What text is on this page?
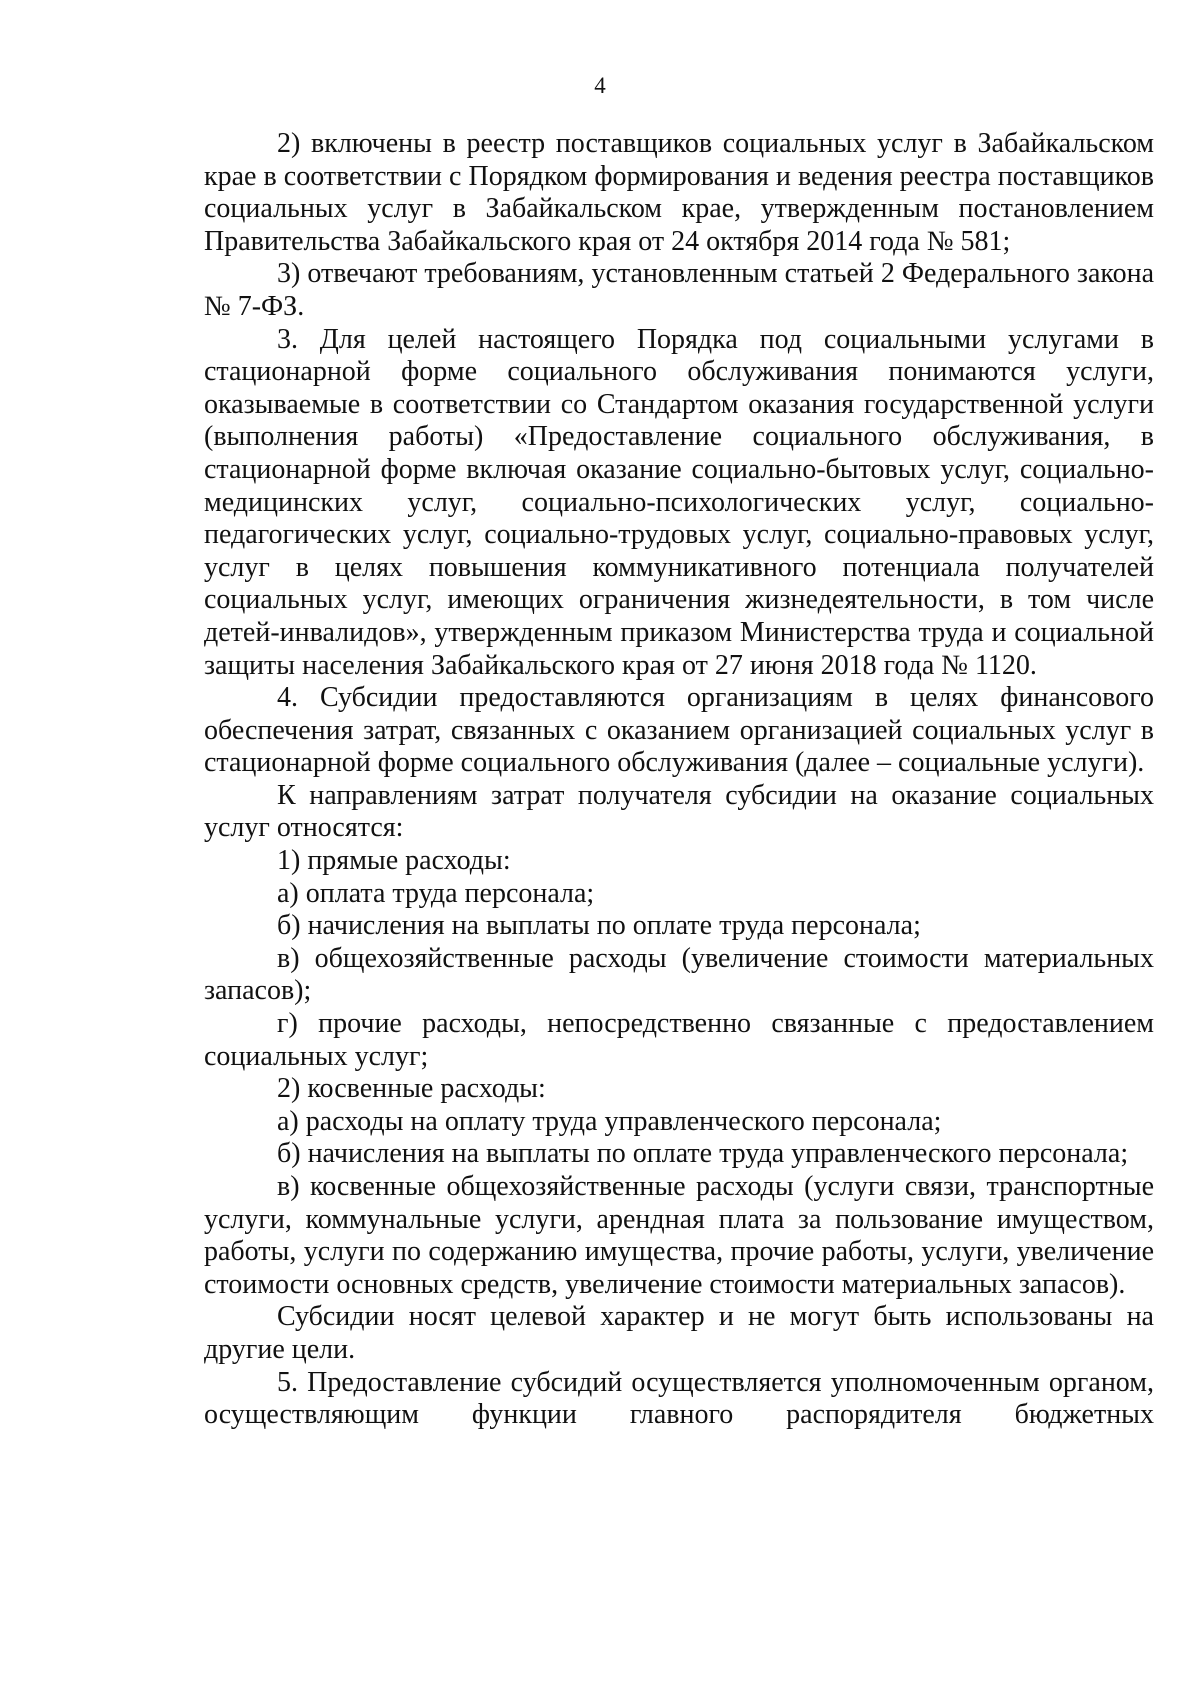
4

2) включены в реестр поставщиков социальных услуг в Забайкальском крае в соответствии с Порядком формирования и ведения реестра поставщиков социальных услуг в Забайкальском крае, утвержденным постановлением Правительства Забайкальского края от 24 октября 2014 года № 581;

3) отвечают требованиям, установленным статьей 2 Федерального закона № 7-ФЗ.

3. Для целей настоящего Порядка под социальными услугами в стационарной форме социального обслуживания понимаются услуги, оказываемые в соответствии со Стандартом оказания государственной услуги (выполнения работы) «Предоставление социального обслуживания, в стационарной форме включая оказание социально-бытовых услуг, социально-медицинских услуг, социально-психологических услуг, социально-педагогических услуг, социально-трудовых услуг, социально-правовых услуг, услуг в целях повышения коммуникативного потенциала получателей социальных услуг, имеющих ограничения жизнедеятельности, в том числе детей-инвалидов», утвержденным приказом Министерства труда и социальной защиты населения Забайкальского края от 27 июня 2018 года № 1120.

4. Субсидии предоставляются организациям в целях финансового обеспечения затрат, связанных с оказанием организацией социальных услуг в стационарной форме социального обслуживания (далее – социальные услуги).

К направлениям затрат получателя субсидии на оказание социальных услуг относятся:

1) прямые расходы:

а) оплата труда персонала;

б) начисления на выплаты по оплате труда персонала;

в) общехозяйственные расходы (увеличение стоимости материальных запасов);

г) прочие расходы, непосредственно связанные с предоставлением социальных услуг;

2) косвенные расходы:

а) расходы на оплату труда управленческого персонала;

б) начисления на выплаты по оплате труда управленческого персонала;

в) косвенные общехозяйственные расходы (услуги связи, транспортные услуги, коммунальные услуги, арендная плата за пользование имуществом, работы, услуги по содержанию имущества, прочие работы, услуги, увеличение стоимости основных средств, увеличение стоимости материальных запасов).

Субсидии носят целевой характер и не могут быть использованы на другие цели.

5. Предоставление субсидий осуществляется уполномоченным органом, осуществляющим функции главного распорядителя бюджетных
